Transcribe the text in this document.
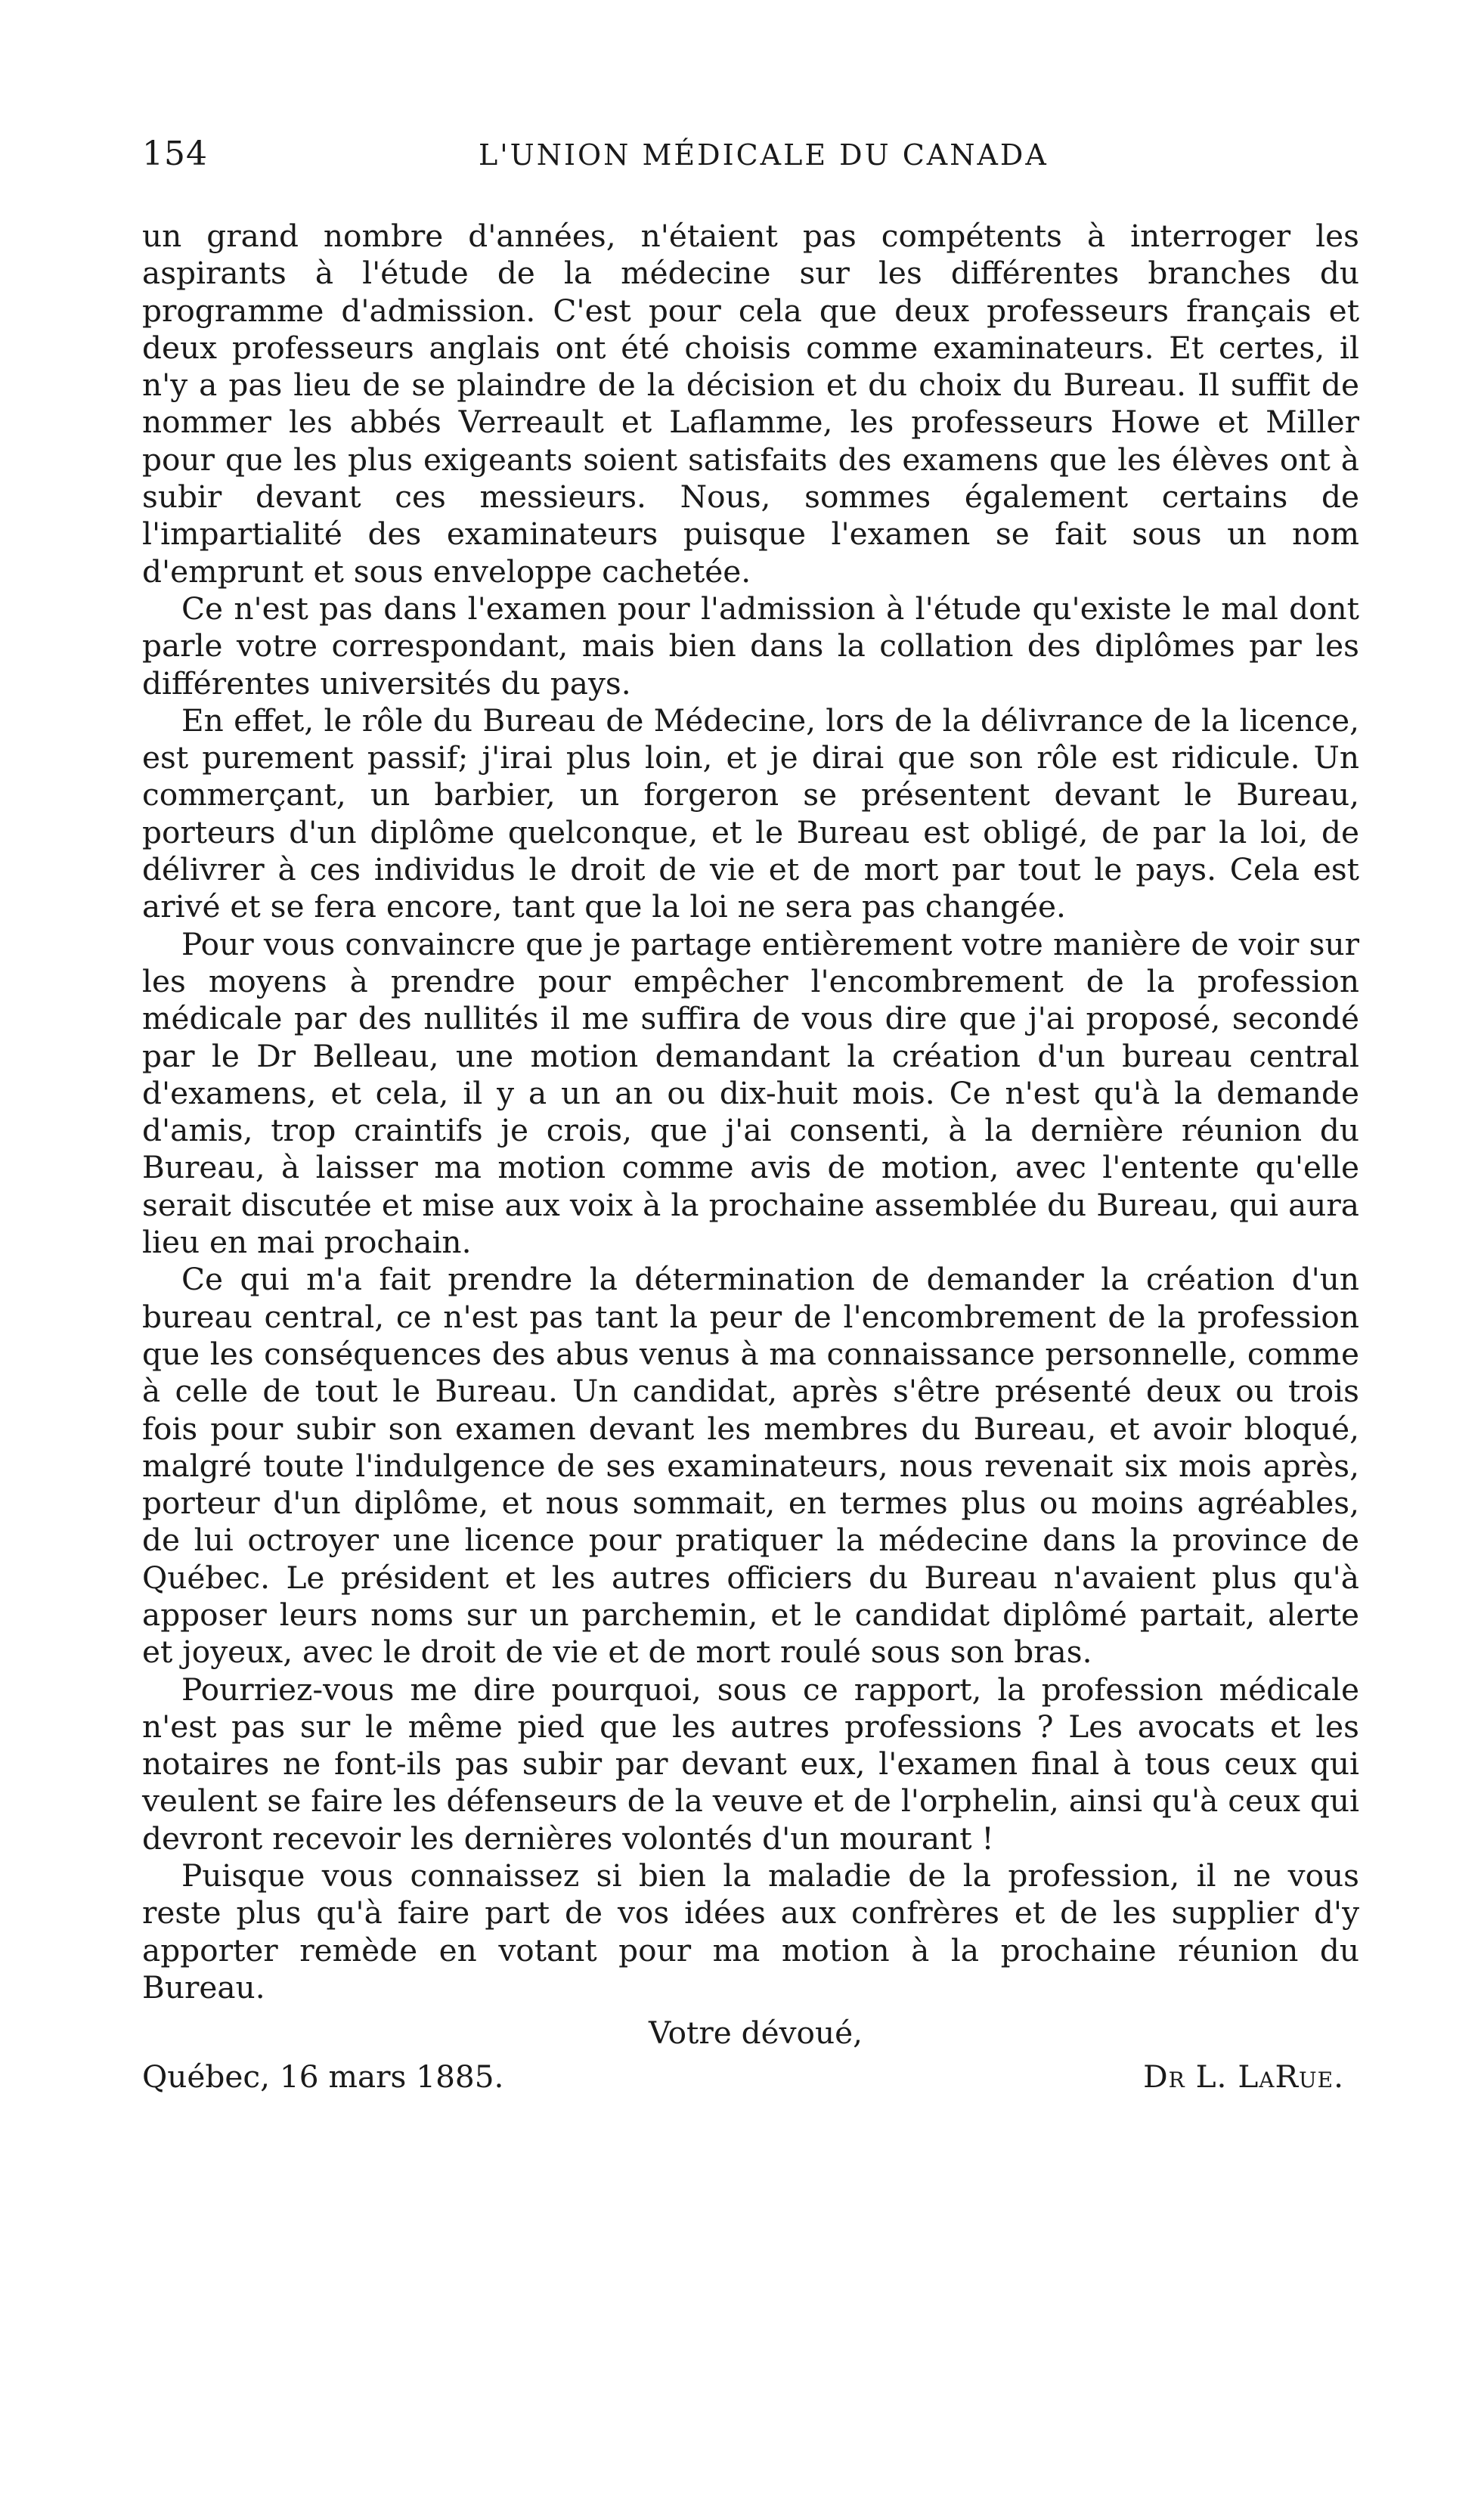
154	L'UNION MÉDICALE DU CANADA

un grand nombre d'années, n'étaient pas compétents à interroger les aspirants à l'étude de la médecine sur les différentes branches du programme d'admission. C'est pour cela que deux professeurs français et deux professeurs anglais ont été choisis comme examinateurs. Et certes, il n'y a pas lieu de se plaindre de la décision et du choix du Bureau. Il suffit de nommer les abbés Verreault et Laflamme, les professeurs Howe et Miller pour que les plus exigeants soient satisfaits des examens que les élèves ont à subir devant ces messieurs. Nous, sommes également certains de l'impartialité des examinateurs puisque l'examen se fait sous un nom d'emprunt et sous enveloppe cachetée.

Ce n'est pas dans l'examen pour l'admission à l'étude qu'existe le mal dont parle votre correspondant, mais bien dans la collation des diplômes par les différentes universités du pays.

En effet, le rôle du Bureau de Médecine, lors de la délivrance de la licence, est purement passif; j'irai plus loin, et je dirai que son rôle est ridicule. Un commerçant, un barbier, un forgeron se présentent devant le Bureau, porteurs d'un diplôme quelconque, et le Bureau est obligé, de par la loi, de délivrer à ces individus le droit de vie et de mort par tout le pays. Cela est arivé et se fera encore, tant que la loi ne sera pas changée.

Pour vous convaincre que je partage entièrement votre manière de voir sur les moyens à prendre pour empêcher l'encombrement de la profession médicale par des nullités il me suffira de vous dire que j'ai proposé, secondé par le Dr Belleau, une motion demandant la création d'un bureau central d'examens, et cela, il y a un an ou dix-huit mois. Ce n'est qu'à la demande d'amis, trop craintifs je crois, que j'ai consenti, à la dernière réunion du Bureau, à laisser ma motion comme avis de motion, avec l'entente qu'elle serait discutée et mise aux voix à la prochaine assemblée du Bureau, qui aura lieu en mai prochain.

Ce qui m'a fait prendre la détermination de demander la création d'un bureau central, ce n'est pas tant la peur de l'encombrement de la profession que les conséquences des abus venus à ma connaissance personnelle, comme à celle de tout le Bureau. Un candidat, après s'être présenté deux ou trois fois pour subir son examen devant les membres du Bureau, et avoir bloqué, malgré toute l'indulgence de ses examinateurs, nous revenait six mois après, porteur d'un diplôme, et nous sommait, en termes plus ou moins agréables, de lui octroyer une licence pour pratiquer la médecine dans la province de Québec. Le président et les autres officiers du Bureau n'avaient plus qu'à apposer leurs noms sur un parchemin, et le candidat diplômé partait, alerte et joyeux, avec le droit de vie et de mort roulé sous son bras.

Pourriez-vous me dire pourquoi, sous ce rapport, la profession médicale n'est pas sur le même pied que les autres professions ? Les avocats et les notaires ne font-ils pas subir par devant eux, l'examen final à tous ceux qui veulent se faire les défenseurs de la veuve et de l'orphelin, ainsi qu'à ceux qui devront recevoir les dernières volontés d'un mourant !

Puisque vous connaissez si bien la maladie de la profession, il ne vous reste plus qu'à faire part de vos idées aux confrères et de les supplier d'y apporter remède en votant pour ma motion à la prochaine réunion du Bureau.

Votre dévoué,
Québec, 16 mars 1885.	Dr L. LaRue.
